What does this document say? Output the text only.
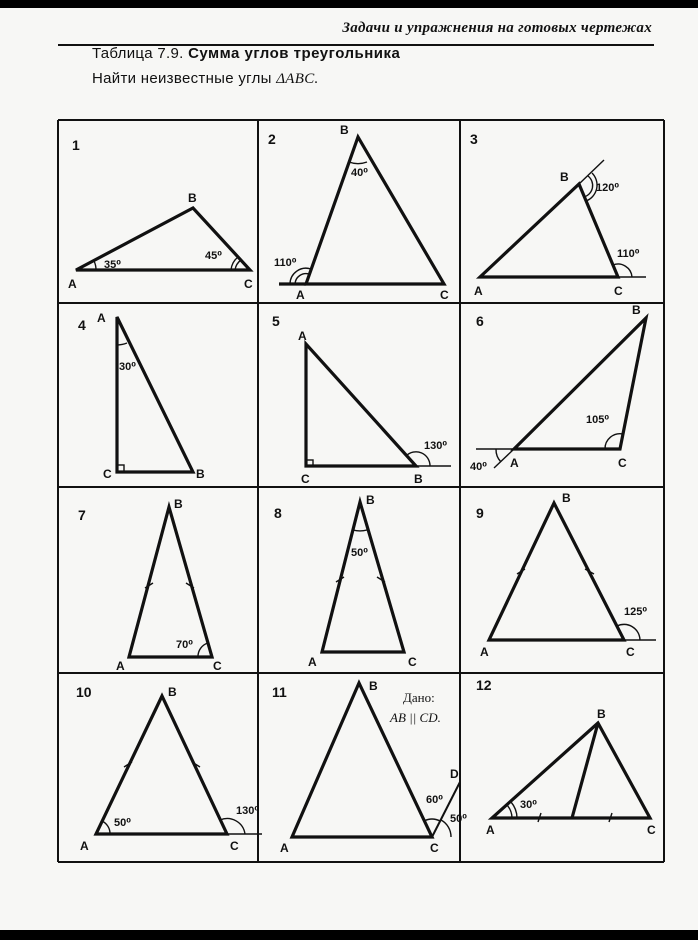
Задачи и упражнения на готовых чертежах
Таблица 7.9. Сумма углов треугольника
Найти неизвестные углы ΔABC.
1
A
B
C
35⁰
45⁰
2
B
A	C
40⁰
110⁰
3
B
A	C
120⁰
110⁰
4 A
C	B
30⁰
5
A
C	B
130⁰
6
B
A	C
105⁰
40⁰
7
B
A	C
70⁰
8
B
A	C
50⁰
9
B
A	C
125⁰
10	B
A	C
50⁰
130⁰
11	B
A	C
D
60⁰
50⁰
Дано:
AB || CD.
12
B
A	C
30⁰
